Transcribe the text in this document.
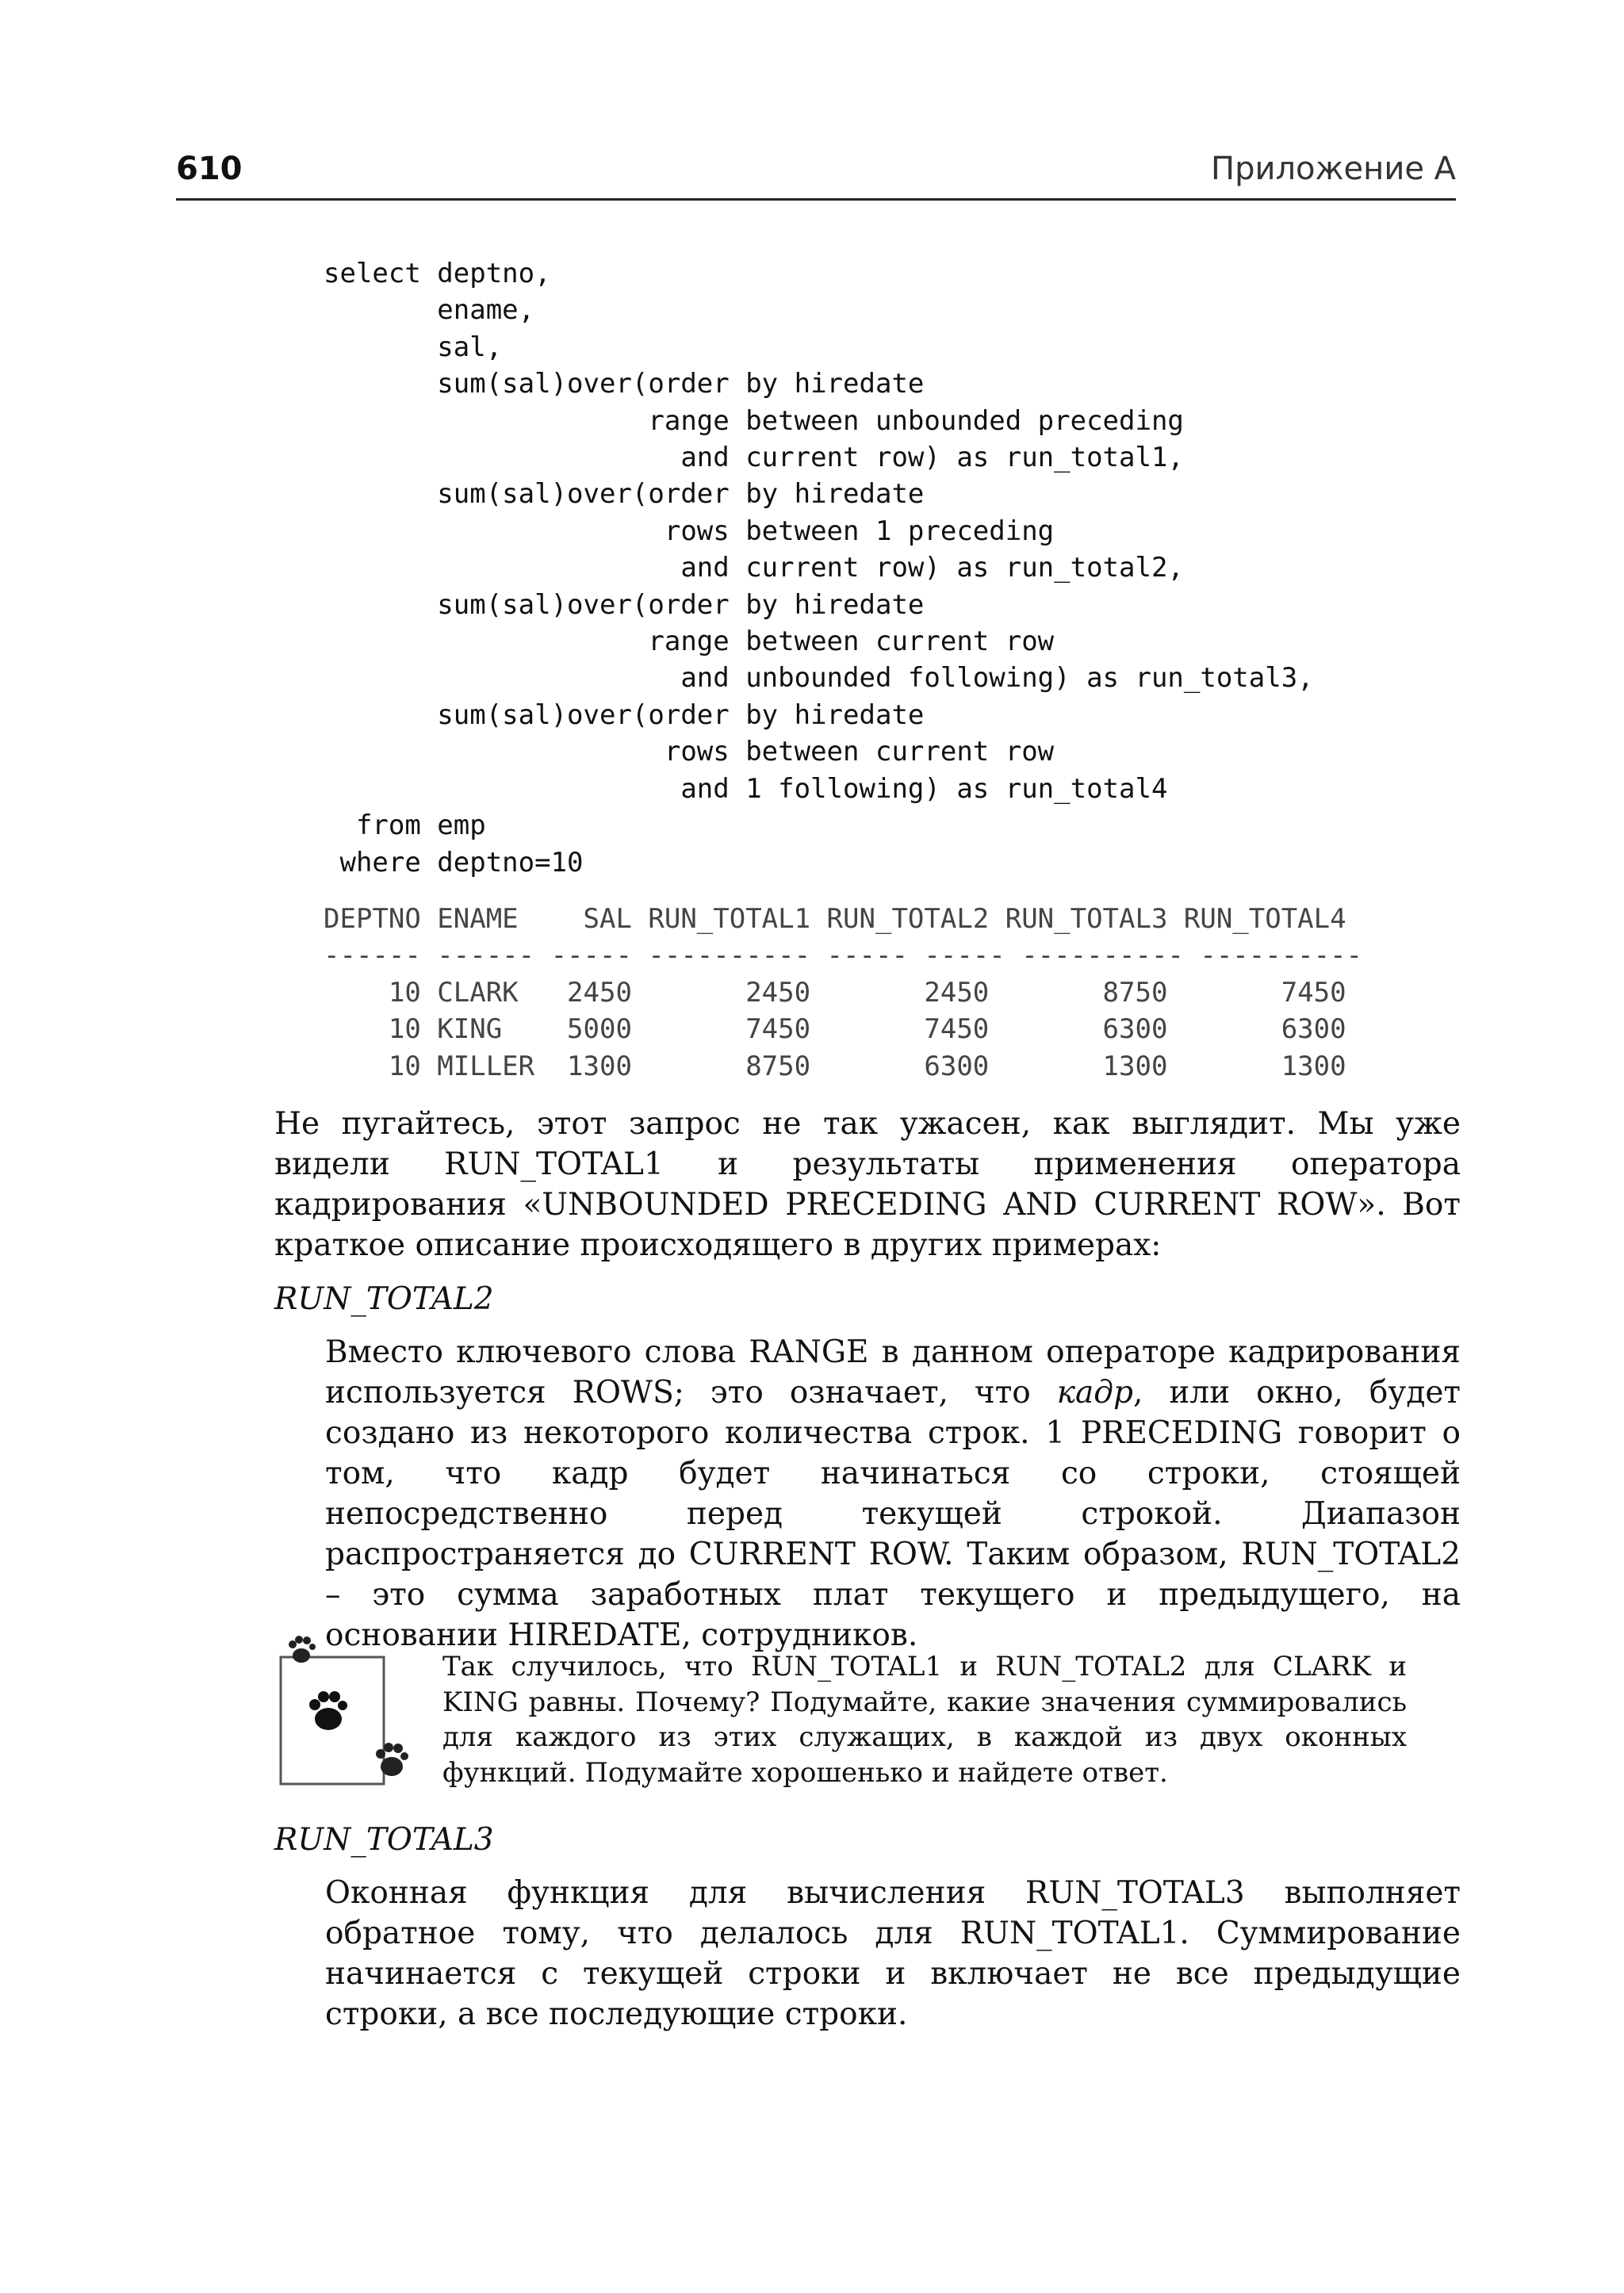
610	Приложение А
select deptno,
ename,
sal,
sum(sal)over(order by hiredate
range between unbounded preceding
and current row) as run_total1,
sum(sal)over(order by hiredate
rows between 1 preceding
and current row) as run_total2,
sum(sal)over(order by hiredate
range between current row
and unbounded following) as run_total3,
sum(sal)over(order by hiredate
rows between current row
and 1 following) as run_total4
from emp
where deptno=10
DEPTNO ENAME    SAL RUN_TOTAL1 RUN_TOTAL2 RUN_TOTAL3 RUN_TOTAL4
------ ------ ----- ---------- ----- ----- ---------- ----------
10 CLARK   2450       2450       2450       8750       7450
10 KING    5000       7450       7450       6300       6300
10 MILLER  1300       8750       6300       1300       1300

Не пугайтесь, этот запрос не так ужасен, как выглядит. Мы уже видели RUN_TOTAL1 и результаты применения оператора кадрирования «UNBOUNDED PRECEDING AND CURRENT ROW». Вот краткое описание происходящего в других примерах:

RUN_TOTAL2

Вместо ключевого слова RANGE в данном операторе кадрирования используется ROWS; это означает, что кадр, или окно, будет создано из некоторого количества строк. 1 PRECEDING говорит о том, что кадр будет начинаться со строки, стоящей непосредственно перед текущей строкой. Диапазон распространяется до CURRENT ROW. Таким образом, RUN_TOTAL2 – это сумма заработных плат текущего и предыдущего, на основании HIREDATE, сотрудников.

Так случилось, что RUN_TOTAL1 и RUN_TOTAL2 для CLARK и KING равны. Почему? Подумайте, какие значения суммировались для каждого из этих служащих, в каждой из двух оконных функций. Подумайте хорошенько и найдете ответ.

RUN_TOTAL3

Оконная функция для вычисления RUN_TOTAL3 выполняет обратное тому, что делалось для RUN_TOTAL1. Суммирование начинается с текущей строки и включает не все предыдущие строки, а все последующие строки.
